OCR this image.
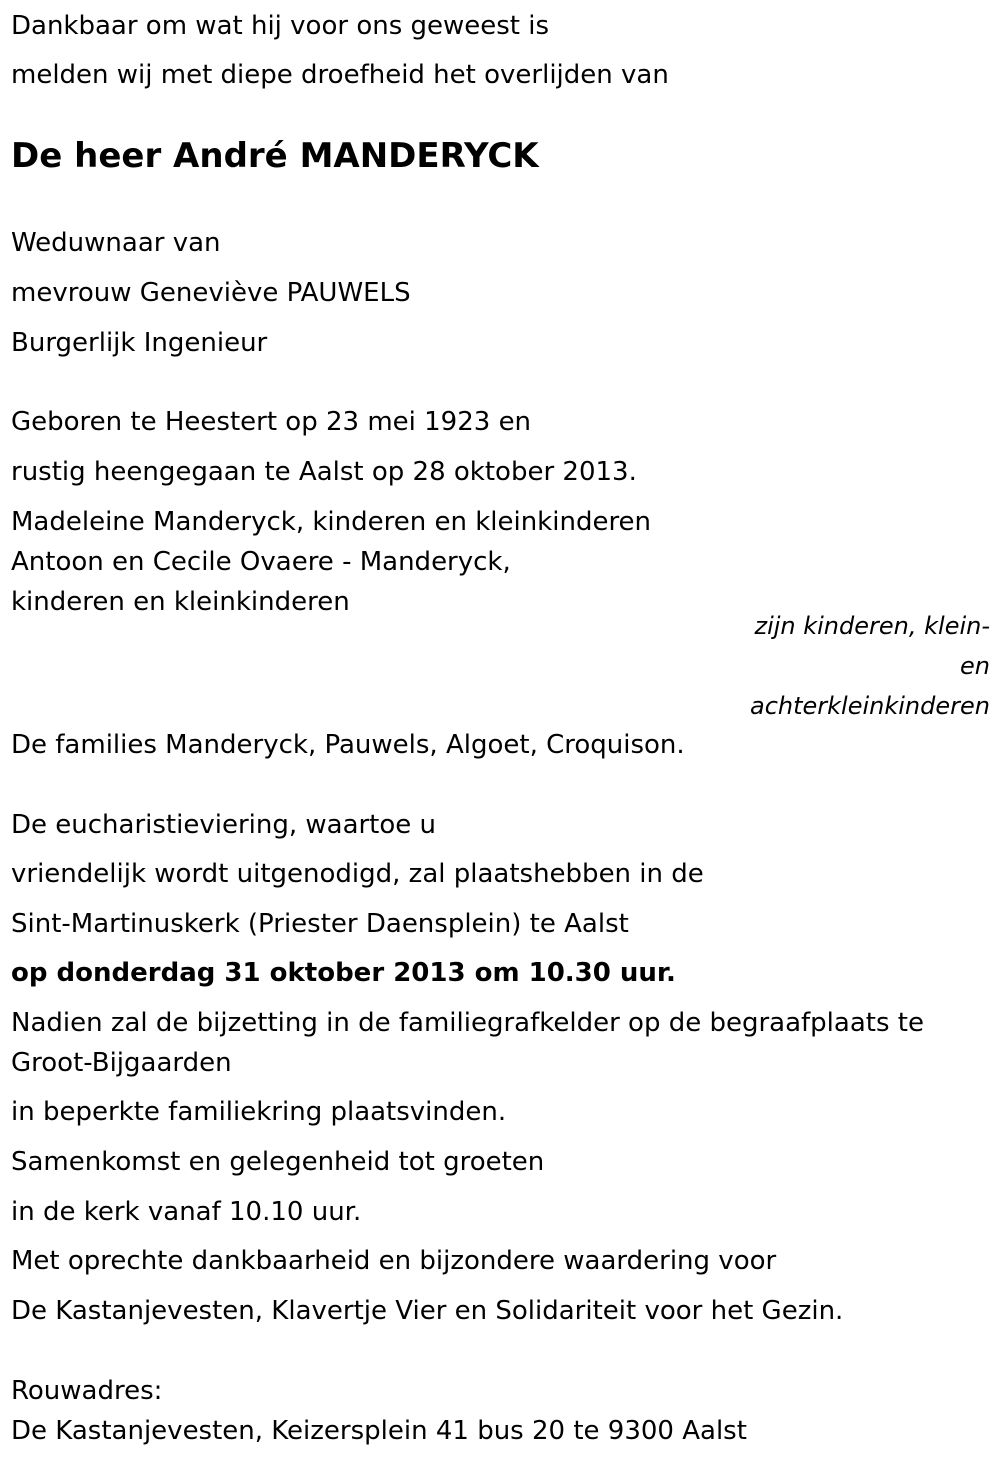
Dankbaar om wat hij voor ons geweest is

melden wij met diepe droefheid het overlijden van

De heer André MANDERYCK

Weduwnaar van

mevrouw Geneviève PAUWELS

Burgerlijk Ingenieur

Geboren te Heestert op 23 mei 1923 en

rustig heengegaan te Aalst op 28 oktober 2013.

Madeleine Manderyck, kinderen en kleinkinderen

Antoon en Cecile Ovaere - Manderyck,

kinderen en kleinkinderen

zijn kinderen, klein-
en
achterkleinkinderen

De families Manderyck, Pauwels, Algoet, Croquison.

De eucharistieviering, waartoe u

vriendelijk wordt uitgenodigd, zal plaatshebben in de

Sint-Martinuskerk (Priester Daensplein) te Aalst

op donderdag 31 oktober 2013 om 10.30 uur.

Nadien zal de bijzetting in de familiegrafkelder op de begraafplaats te

Groot-Bijgaarden

in beperkte familiekring plaatsvinden.

Samenkomst en gelegenheid tot groeten

in de kerk vanaf 10.10 uur.

Met oprechte dankbaarheid en bijzondere waardering voor

De Kastanjevesten, Klavertje Vier en Solidariteit voor het Gezin.

Rouwadres:

De Kastanjevesten, Keizersplein 41 bus 20 te 9300 Aalst
